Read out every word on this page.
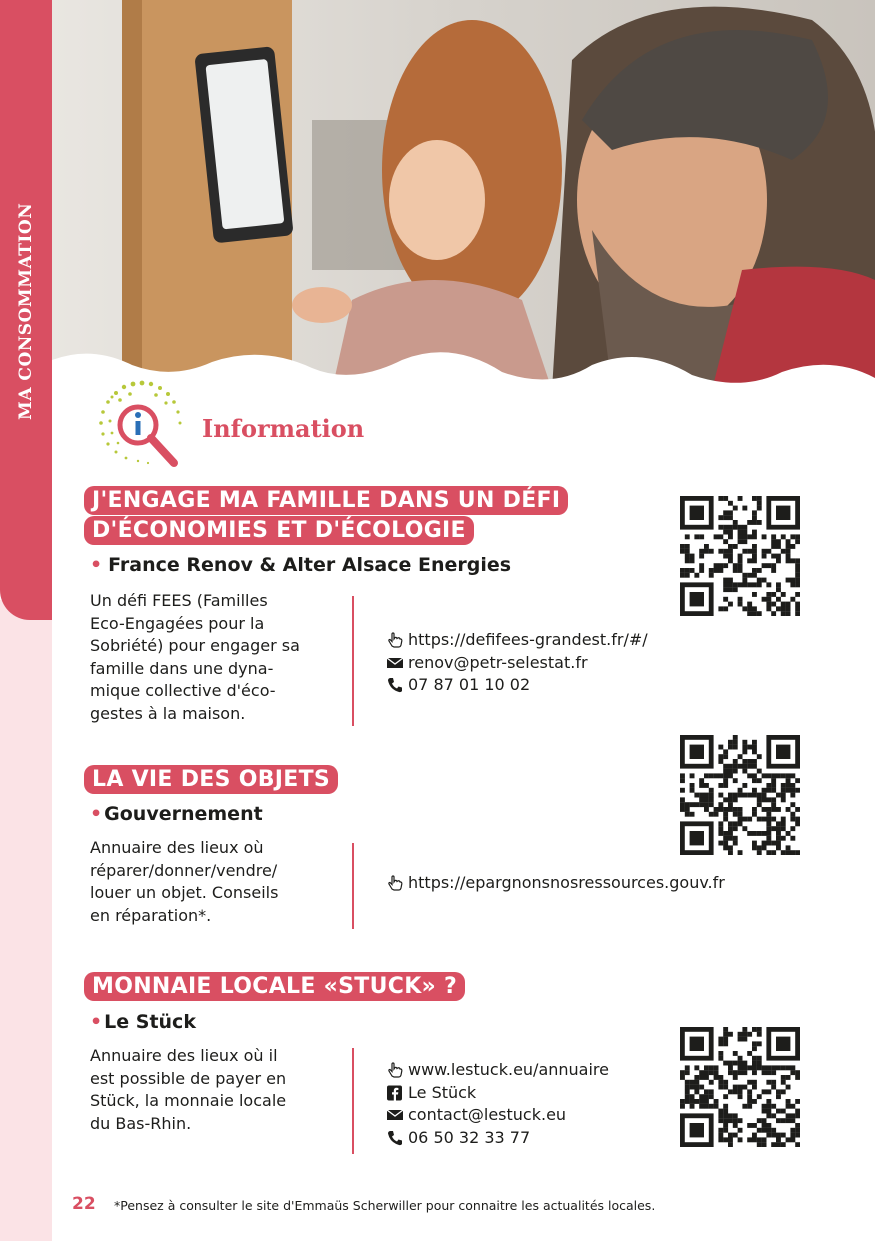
MA CONSOMMATION
Information
J'ENGAGE MA FAMILLE DANS UN DÉFI
D'ÉCONOMIES ET D'ÉCOLOGIE
• France Renov & Alter Alsace Energies
Un défi FEES (Familles
Eco-Engagées pour la
Sobriété) pour engager sa
famille dans une dyna-
mique collective d'éco-
gestes à la maison.
https://defifees-grandest.fr/#/
renov@petr-selestat.fr
07 87 01 10 02
LA VIE DES OBJETS
• Gouvernement
Annuaire des lieux où
réparer/donner/vendre/
louer un objet. Conseils
en réparation*.
https://epargnonsnosressources.gouv.fr
MONNAIE LOCALE «STUCK» ?
• Le Stück
Annuaire des lieux où il
est possible de payer en
Stück, la monnaie locale
du Bas-Rhin.
www.lestuck.eu/annuaire
Le Stück
contact@lestuck.eu
06 50 32 33 77
22 *Pensez à consulter le site d'Emmaüs Scherwiller pour connaitre les actualités locales.
